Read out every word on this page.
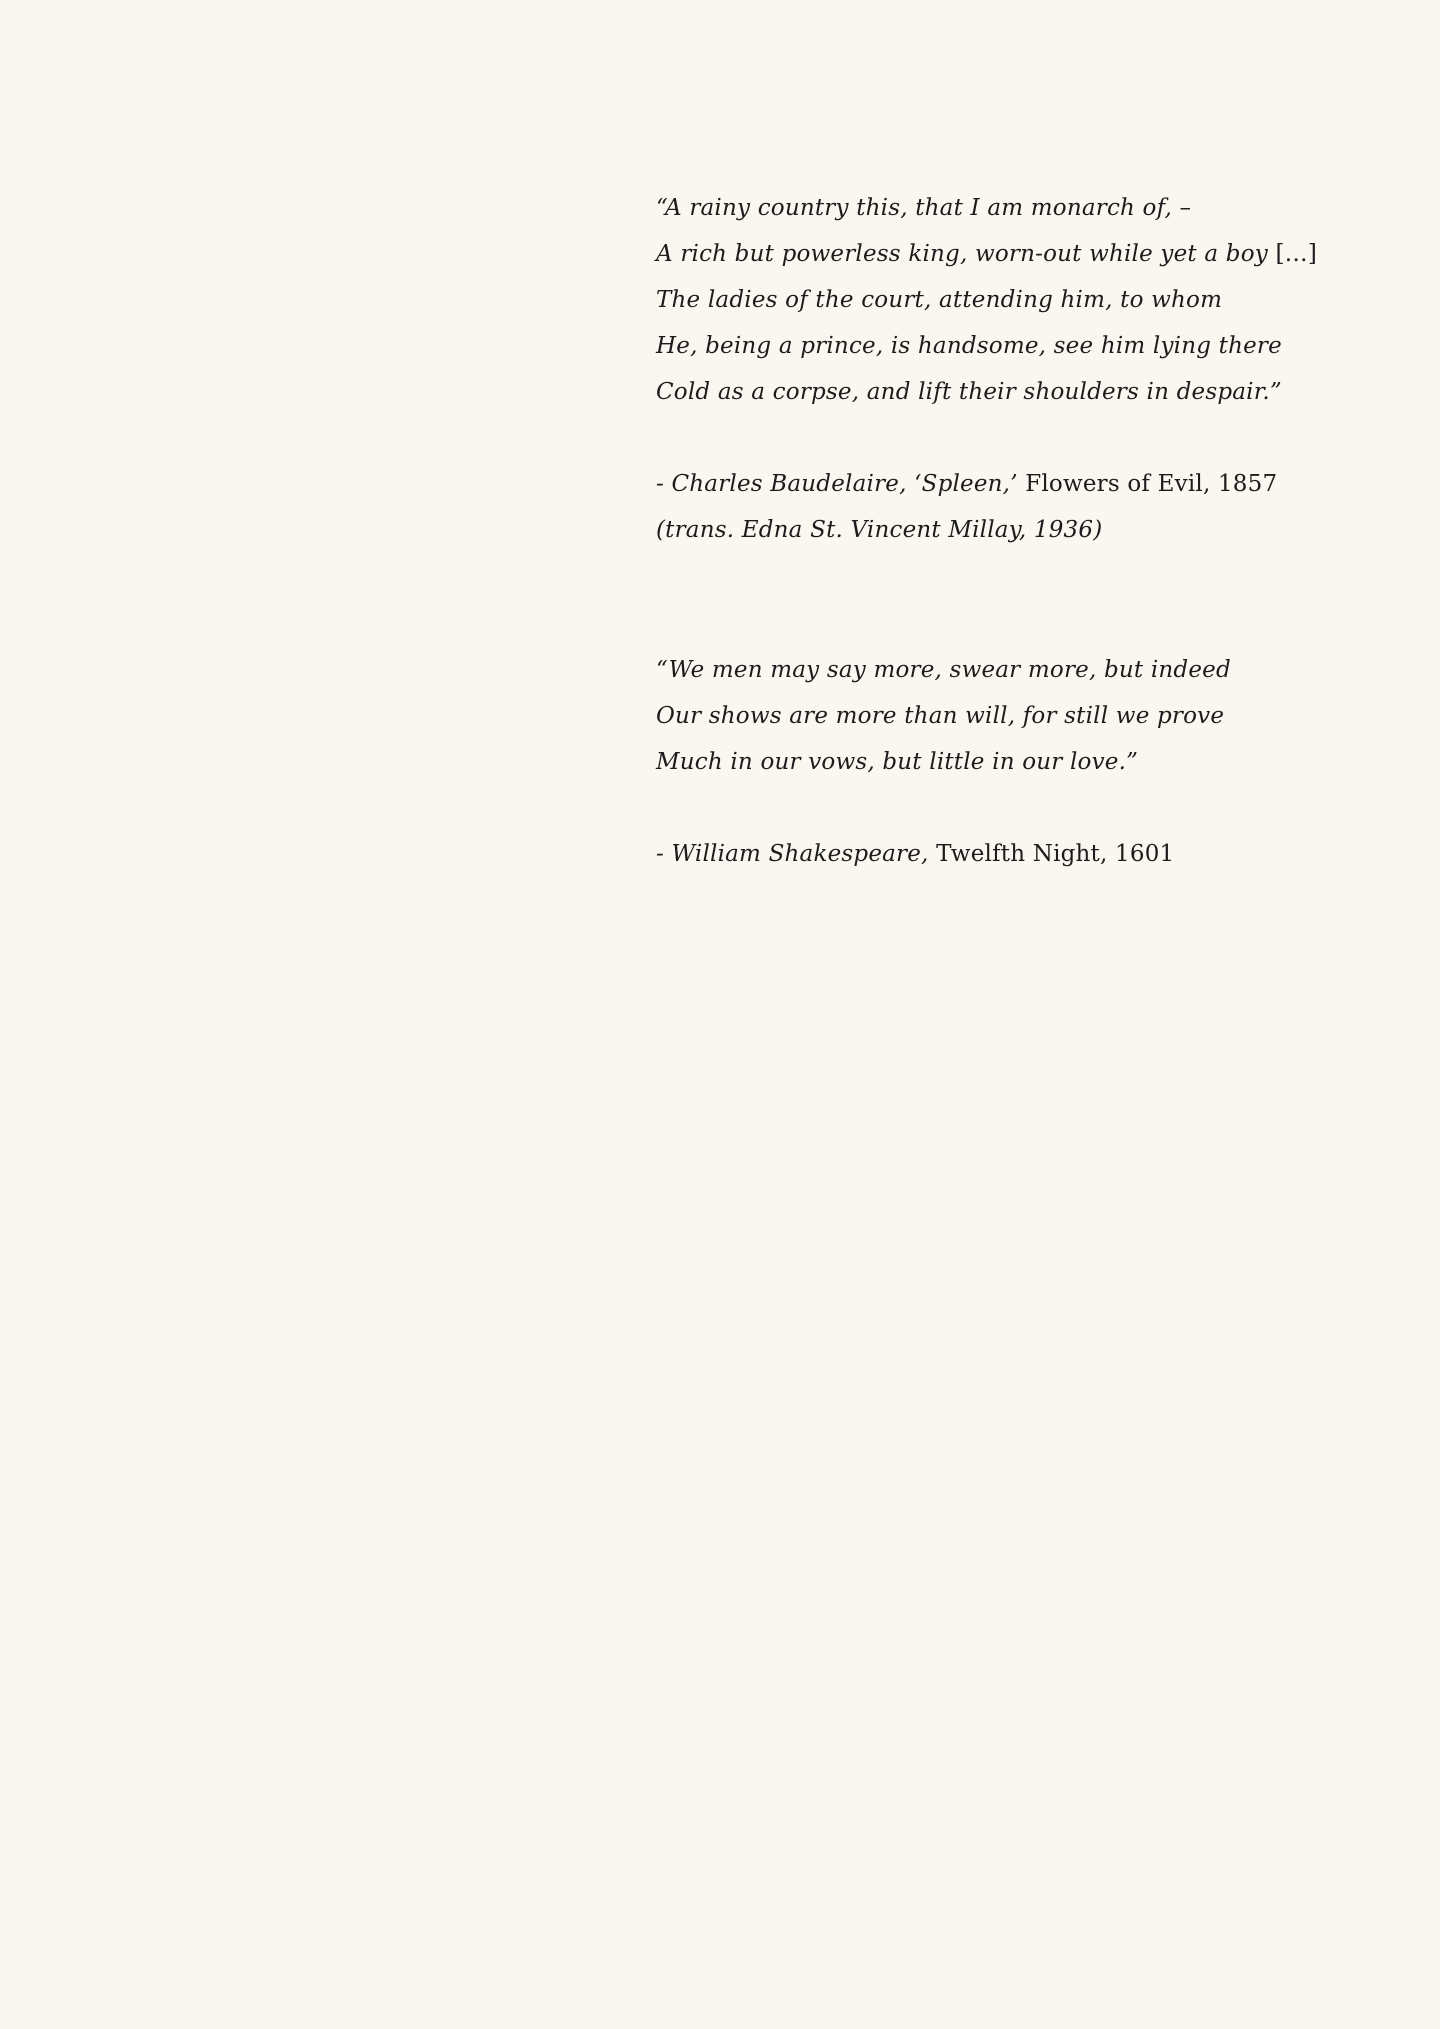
“A rainy country this, that I am monarch of, –
A rich but powerless king, worn-out while yet a boy […]
The ladies of the court, attending him, to whom
He, being a prince, is handsome, see him lying there
Cold as a corpse, and lift their shoulders in despair.”
- Charles Baudelaire, ‘Spleen,’ Flowers of Evil, 1857
(trans. Edna St. Vincent Millay, 1936)
“We men may say more, swear more, but indeed
Our shows are more than will, for still we prove
Much in our vows, but little in our love.”
- William Shakespeare, Twelfth Night, 1601
